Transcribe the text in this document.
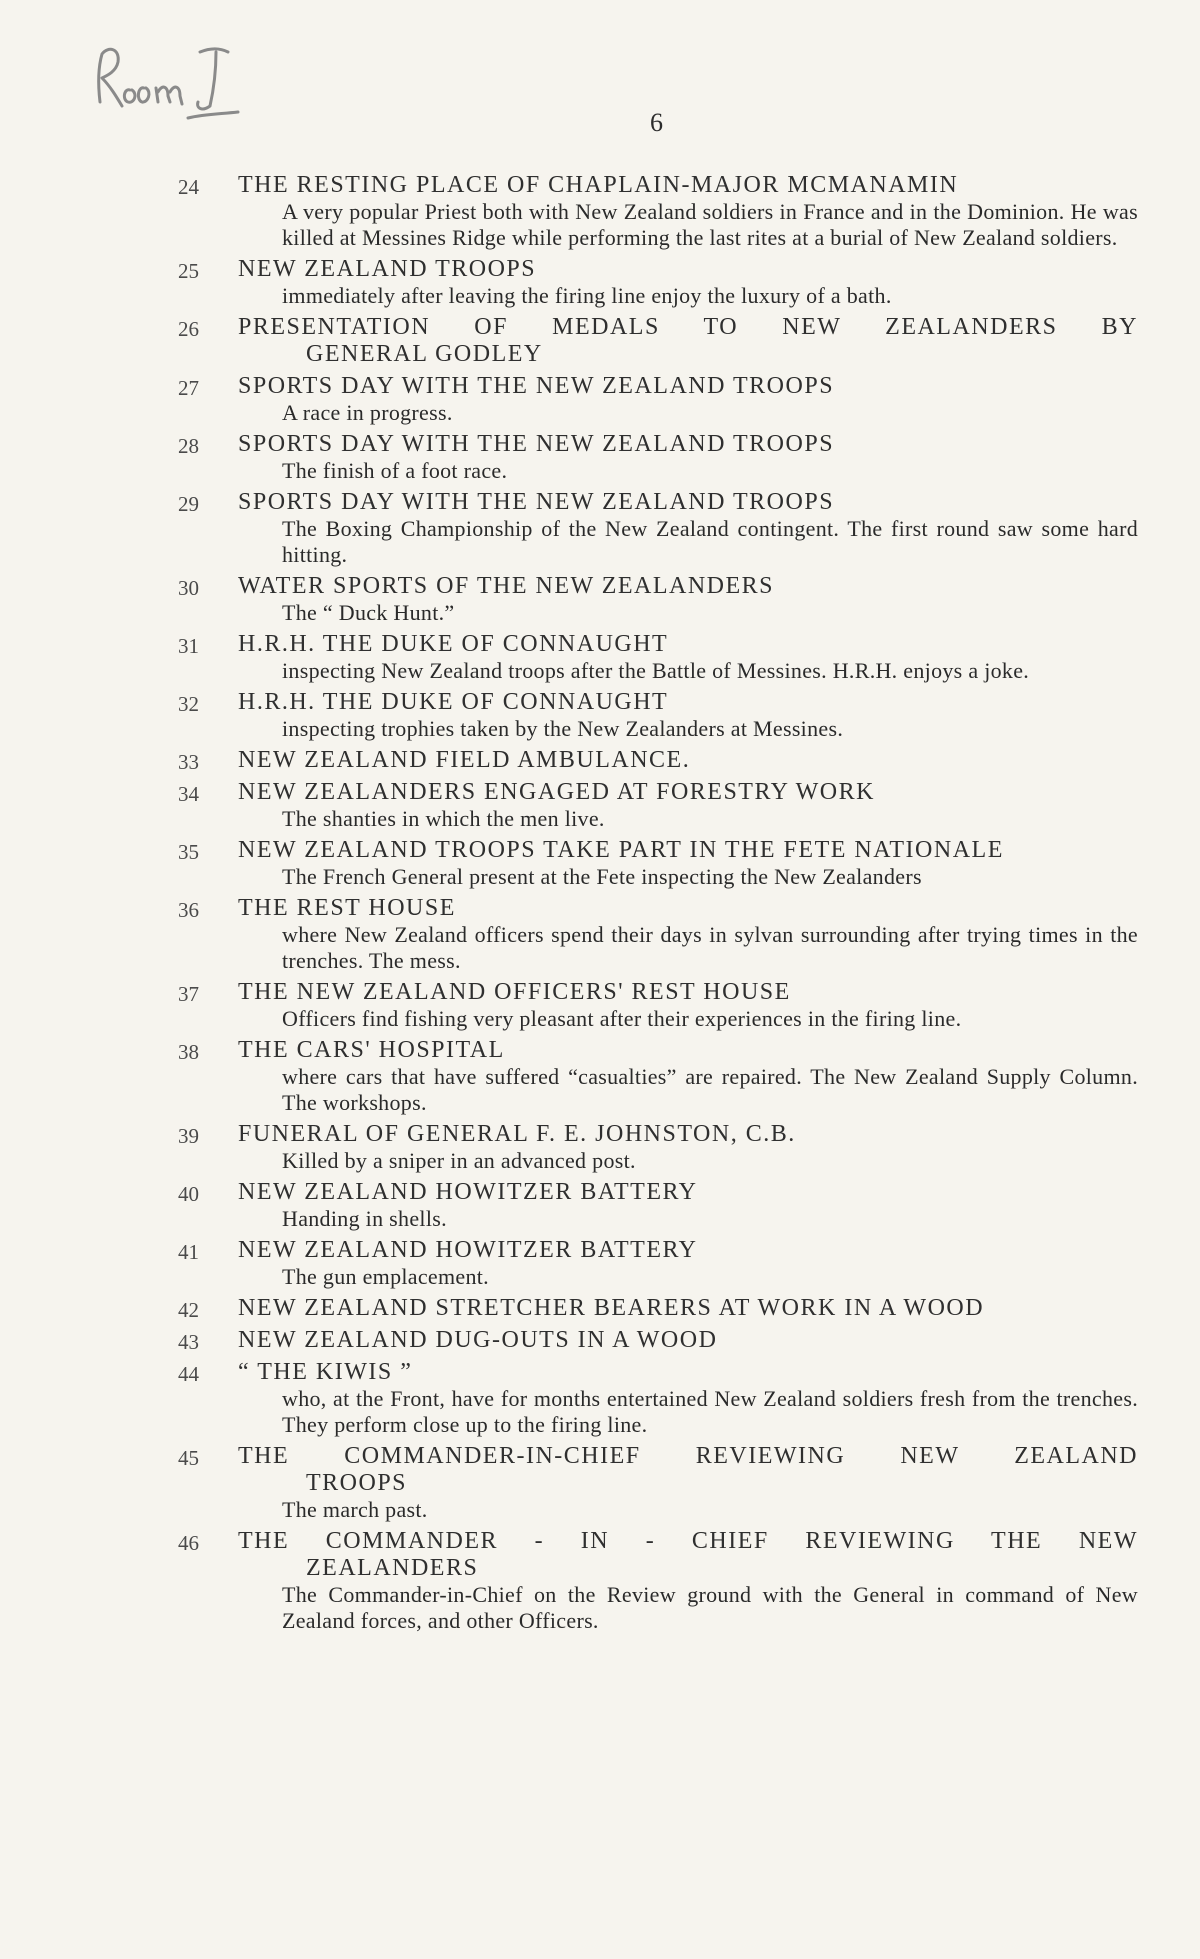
6
24	THE RESTING PLACE OF CHAPLAIN-MAJOR MCMANAMIN
A very popular Priest both with New Zealand soldiers in France and in the Dominion. He was killed at Messines Ridge while performing the last rites at a burial of New Zealand soldiers.
25	NEW ZEALAND TROOPS
immediately after leaving the firing line enjoy the luxury of a bath.
26	PRESENTATION OF MEDALS TO NEW ZEALANDERS BY
GENERAL GODLEY
27	SPORTS DAY WITH THE NEW ZEALAND TROOPS
A race in progress.
28	SPORTS DAY WITH THE NEW ZEALAND TROOPS
The finish of a foot race.
29	SPORTS DAY WITH THE NEW ZEALAND TROOPS
The Boxing Championship of the New Zealand contingent. The first round saw some hard hitting.
30	WATER SPORTS OF THE NEW ZEALANDERS
The “ Duck Hunt.”
31	H.R.H. THE DUKE OF CONNAUGHT
inspecting New Zealand troops after the Battle of Messines. H.R.H. enjoys a joke.
32	H.R.H. THE DUKE OF CONNAUGHT
inspecting trophies taken by the New Zealanders at Messines.
33	NEW ZEALAND FIELD AMBULANCE.
34	NEW ZEALANDERS ENGAGED AT FORESTRY WORK
The shanties in which the men live.
35	NEW ZEALAND TROOPS TAKE PART IN THE FETE NATIONALE
The French General present at the Fete inspecting the New Zealanders
36	THE REST HOUSE
where New Zealand officers spend their days in sylvan surrounding after trying times in the trenches. The mess.
37	THE NEW ZEALAND OFFICERS' REST HOUSE
Officers find fishing very pleasant after their experiences in the firing line.
38	THE CARS' HOSPITAL
where cars that have suffered “casualties” are repaired. The New Zealand Supply Column. The workshops.
39	FUNERAL OF GENERAL F. E. JOHNSTON, C.B.
Killed by a sniper in an advanced post.
40	NEW ZEALAND HOWITZER BATTERY
Handing in shells.
41	NEW ZEALAND HOWITZER BATTERY
The gun emplacement.
42	NEW ZEALAND STRETCHER BEARERS AT WORK IN A WOOD
43	NEW ZEALAND DUG-OUTS IN A WOOD
44	“ THE KIWIS ”
who, at the Front, have for months entertained New Zealand soldiers fresh from the trenches. They perform close up to the firing line.
45	THE COMMANDER-IN-CHIEF REVIEWING NEW ZEALAND
TROOPS
The march past.
46	THE COMMANDER - IN - CHIEF REVIEWING THE NEW
ZEALANDERS
The Commander-in-Chief on the Review ground with the General in command of New Zealand forces, and other Officers.
